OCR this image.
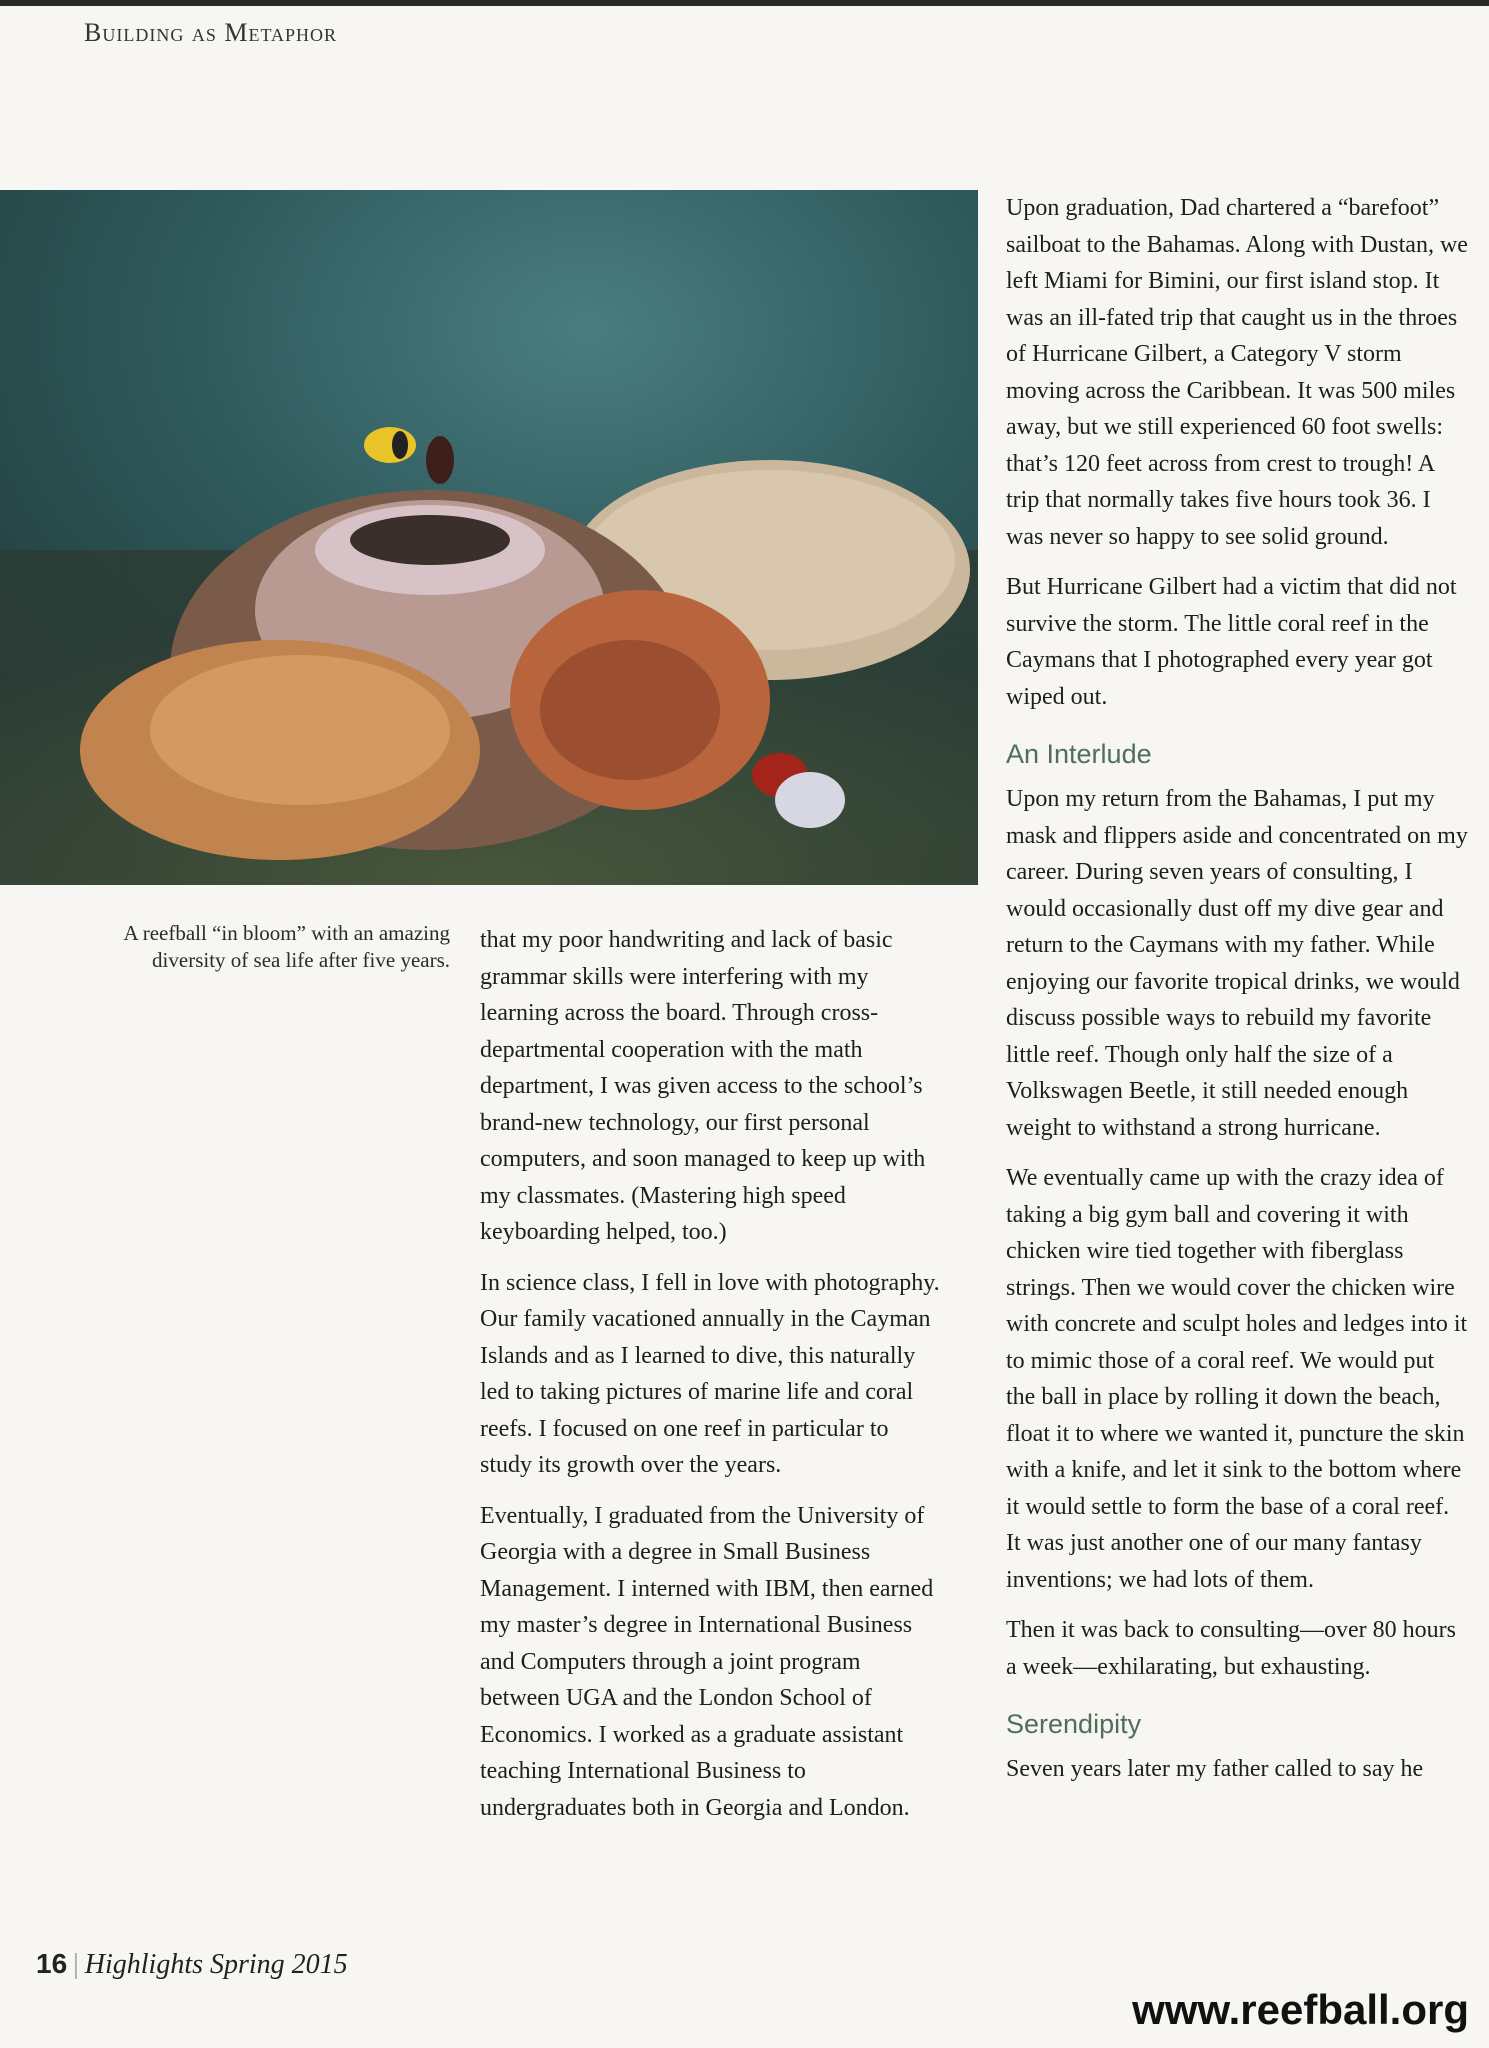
Building as Metaphor
A reefball “in bloom” with an amazing diversity of sea life after five years.

that my poor handwriting and lack of basic grammar skills were interfering with my learning across the board. Through cross-departmental cooperation with the math department, I was given access to the school’s brand-new technology, our first personal computers, and soon managed to keep up with my classmates. (Mastering high speed keyboarding helped, too.)

In science class, I fell in love with photography. Our family vacationed annually in the Cayman Islands and as I learned to dive, this naturally led to taking pictures of marine life and coral reefs. I focused on one reef in particular to study its growth over the years.

Eventually, I graduated from the University of Georgia with a degree in Small Business Management. I interned with IBM, then earned my master’s degree in International Business and Computers through a joint program between UGA and the London School of Economics. I worked as a graduate assistant teaching International Business to undergraduates both in Georgia and London.

Upon graduation, Dad chartered a “barefoot” sailboat to the Bahamas. Along with Dustan, we left Miami for Bimini, our first island stop. It was an ill-fated trip that caught us in the throes of Hurricane Gilbert, a Category V storm moving across the Caribbean. It was 500 miles away, but we still experienced 60 foot swells: that’s 120 feet across from crest to trough! A trip that normally takes five hours took 36. I was never so happy to see solid ground.

But Hurricane Gilbert had a victim that did not survive the storm. The little coral reef in the Caymans that I photographed every year got wiped out.

An Interlude

Upon my return from the Bahamas, I put my mask and flippers aside and concentrated on my career. During seven years of consulting, I would occasionally dust off my dive gear and return to the Caymans with my father. While enjoying our favorite tropical drinks, we would discuss possible ways to rebuild my favorite little reef. Though only half the size of a Volkswagen Beetle, it still needed enough weight to withstand a strong hurricane.

We eventually came up with the crazy idea of taking a big gym ball and covering it with chicken wire tied together with fiberglass strings. Then we would cover the chicken wire with concrete and sculpt holes and ledges into it to mimic those of a coral reef. We would put the ball in place by rolling it down the beach, float it to where we wanted it, puncture the skin with a knife, and let it sink to the bottom where it would settle to form the base of a coral reef. It was just another one of our many fantasy inventions; we had lots of them.

Then it was back to consulting—over 80 hours a week—exhilarating, but exhausting.

Serendipity

Seven years later my father called to say he

16 | Highlights Spring 2015
www.reefball.org
